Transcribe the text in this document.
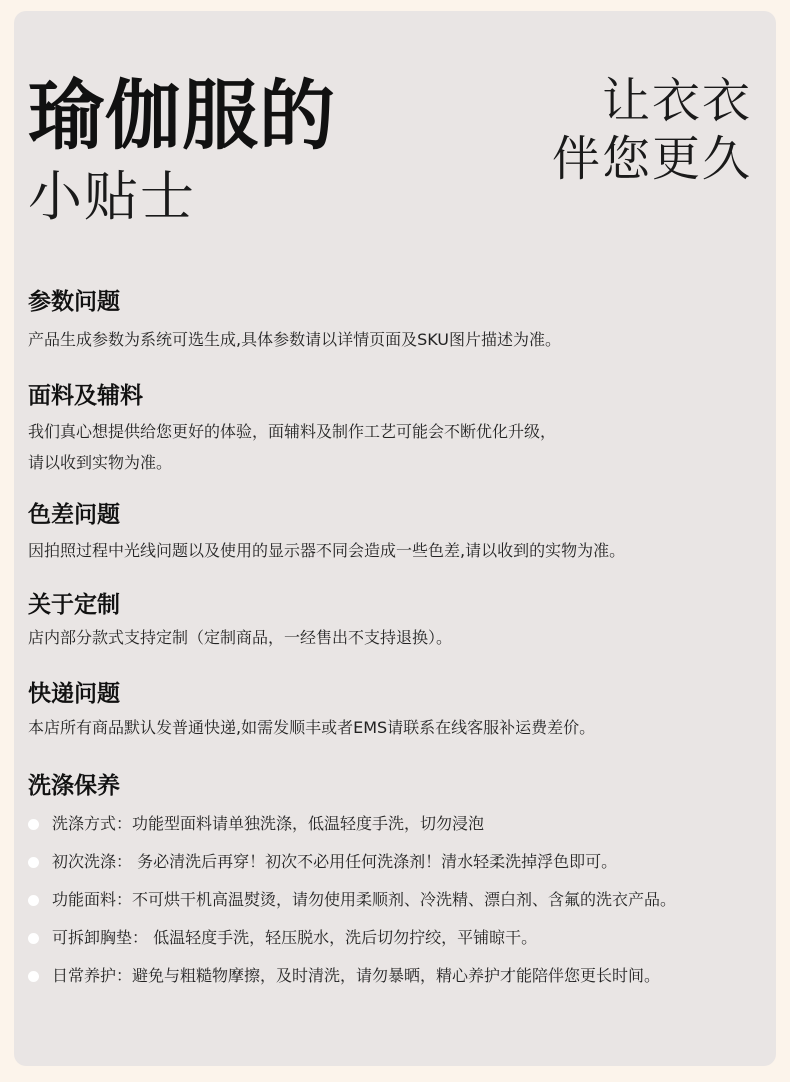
瑜伽服的
小贴士
让衣衣
伴您更久
参数问题
产品生成参数为系统可选生成,具体参数请以详情页面及SKU图片描述为准。
面料及辅料
我们真心想提供给您更好的体验，面辅料及制作工艺可能会不断优化升级，
请以收到实物为准。
色差问题
因拍照过程中光线问题以及使用的显示器不同会造成一些色差,请以收到的实物为准。
关于定制
店内部分款式支持定制（定制商品，一经售出不支持退换）。
快递问题
本店所有商品默认发普通快递,如需发顺丰或者EMS请联系在线客服补运费差价。
洗涤保养
洗涤方式：功能型面料请单独洗涤，低温轻度手洗，切勿浸泡
初次洗涤： 务必清洗后再穿！初次不必用任何洗涤剂！清水轻柔洗掉浮色即可。
功能面料：不可烘干机高温熨烫，请勿使用柔顺剂、冷洗精、漂白剂、含氟的洗衣产品。
可拆卸胸垫： 低温轻度手洗，轻压脱水，洗后切勿拧绞，平铺晾干。
日常养护：避免与粗糙物摩擦，及时清洗，请勿暴晒，精心养护才能陪伴您更长时间。
